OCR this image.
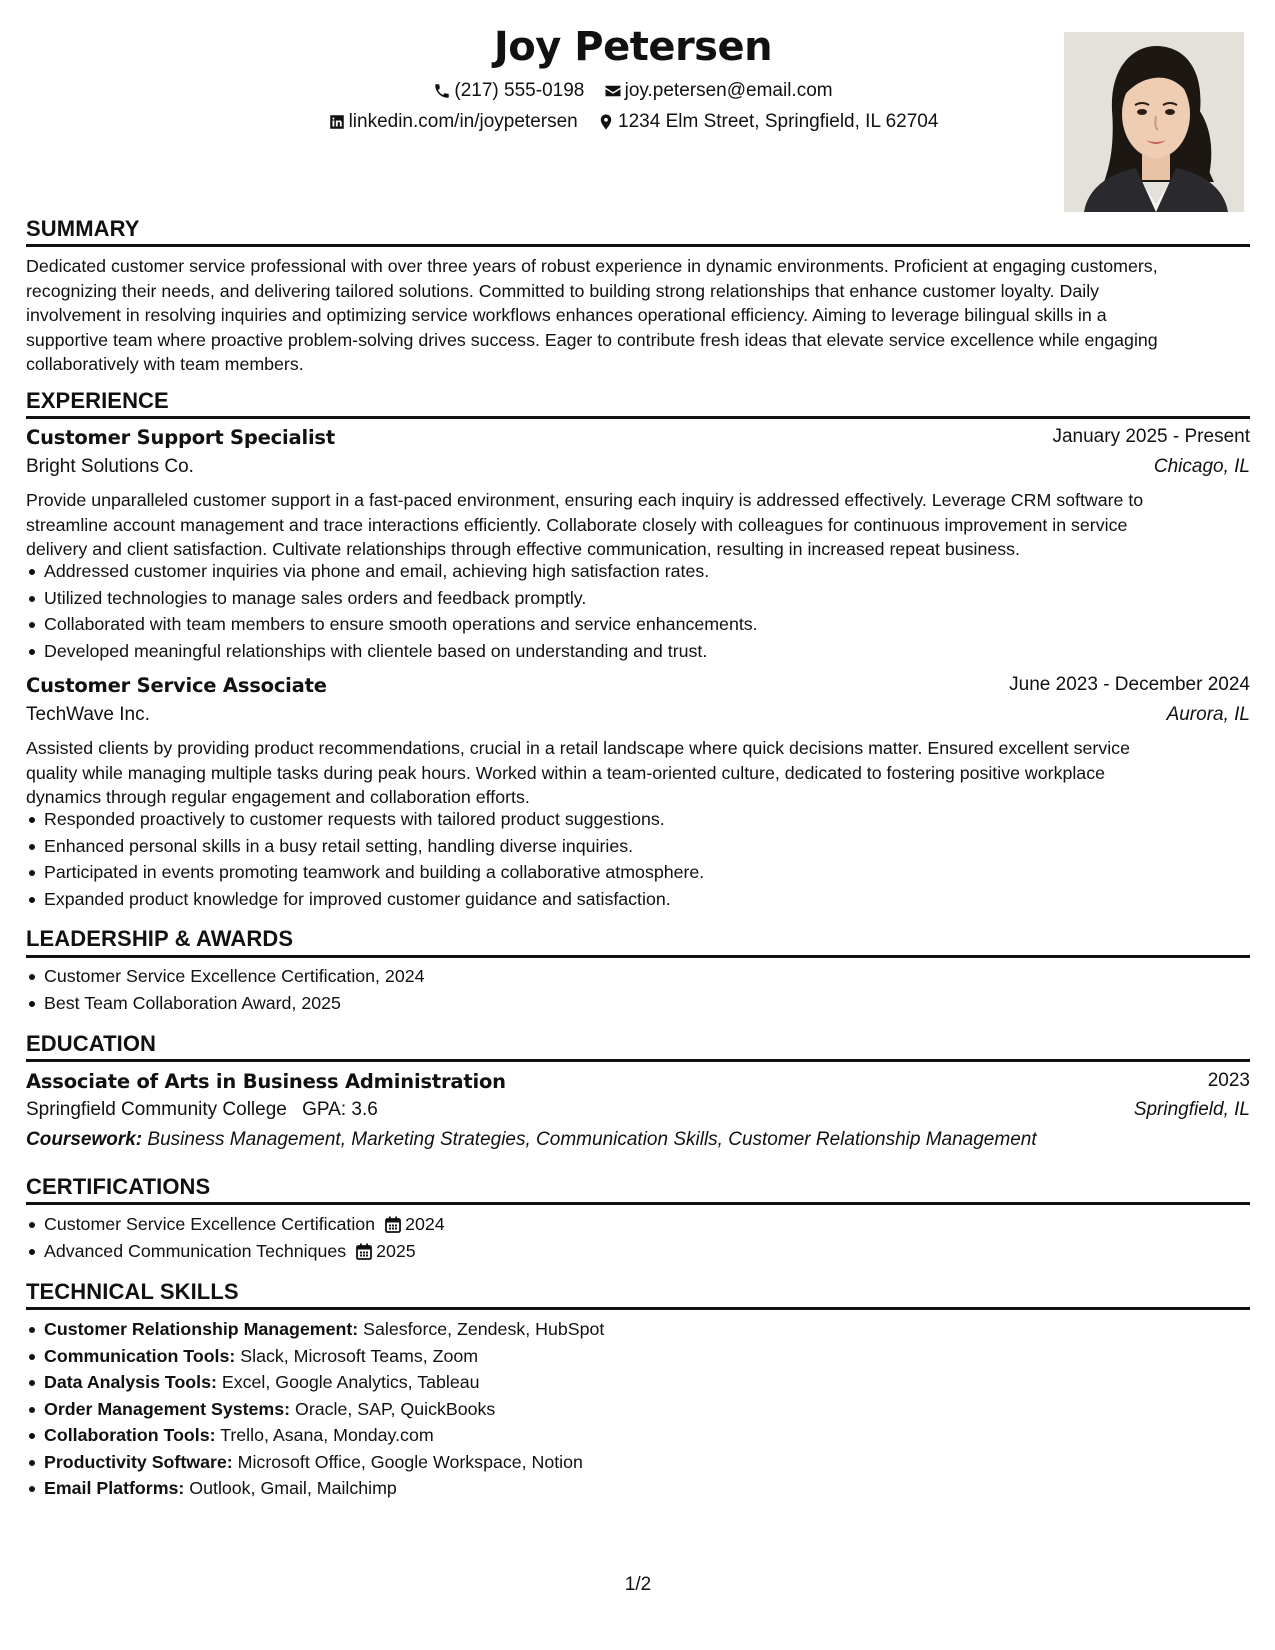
Joy Petersen
(217) 555-0198
joy.petersen@email.com
linkedin.com/in/joypetersen
1234 Elm Street, Springfield, IL 62704
SUMMARY
Dedicated customer service professional with over three years of robust experience in dynamic environments. Proficient at engaging customers,
recognizing their needs, and delivering tailored solutions. Committed to building strong relationships that enhance customer loyalty. Daily
involvement in resolving inquiries and optimizing service workflows enhances operational efficiency. Aiming to leverage bilingual skills in a
supportive team where proactive problem-solving drives success. Eager to contribute fresh ideas that elevate service excellence while engaging
collaboratively with team members.
EXPERIENCE
Customer Support Specialist	January 2025 - Present
Bright Solutions Co.	Chicago, IL
Provide unparalleled customer support in a fast-paced environment, ensuring each inquiry is addressed effectively. Leverage CRM software to
streamline account management and trace interactions efficiently. Collaborate closely with colleagues for continuous improvement in service
delivery and client satisfaction. Cultivate relationships through effective communication, resulting in increased repeat business.
Addressed customer inquiries via phone and email, achieving high satisfaction rates.
Utilized technologies to manage sales orders and feedback promptly.
Collaborated with team members to ensure smooth operations and service enhancements.
Developed meaningful relationships with clientele based on understanding and trust.
Customer Service Associate	June 2023 - December 2024
TechWave Inc.	Aurora, IL
Assisted clients by providing product recommendations, crucial in a retail landscape where quick decisions matter. Ensured excellent service
quality while managing multiple tasks during peak hours. Worked within a team-oriented culture, dedicated to fostering positive workplace
dynamics through regular engagement and collaboration efforts.
Responded proactively to customer requests with tailored product suggestions.
Enhanced personal skills in a busy retail setting, handling diverse inquiries.
Participated in events promoting teamwork and building a collaborative atmosphere.
Expanded product knowledge for improved customer guidance and satisfaction.
LEADERSHIP & AWARDS
Customer Service Excellence Certification, 2024
Best Team Collaboration Award, 2025
EDUCATION
Associate of Arts in Business Administration	2023
Springfield Community College GPA: 3.6	Springfield, IL
Coursework: Business Management, Marketing Strategies, Communication Skills, Customer Relationship Management
CERTIFICATIONS
Customer Service Excellence Certification 2024
Advanced Communication Techniques 2025
TECHNICAL SKILLS
Customer Relationship Management: Salesforce, Zendesk, HubSpot
Communication Tools: Slack, Microsoft Teams, Zoom
Data Analysis Tools: Excel, Google Analytics, Tableau
Order Management Systems: Oracle, SAP, QuickBooks
Collaboration Tools: Trello, Asana, Monday.com
Productivity Software: Microsoft Office, Google Workspace, Notion
Email Platforms: Outlook, Gmail, Mailchimp
1/2
